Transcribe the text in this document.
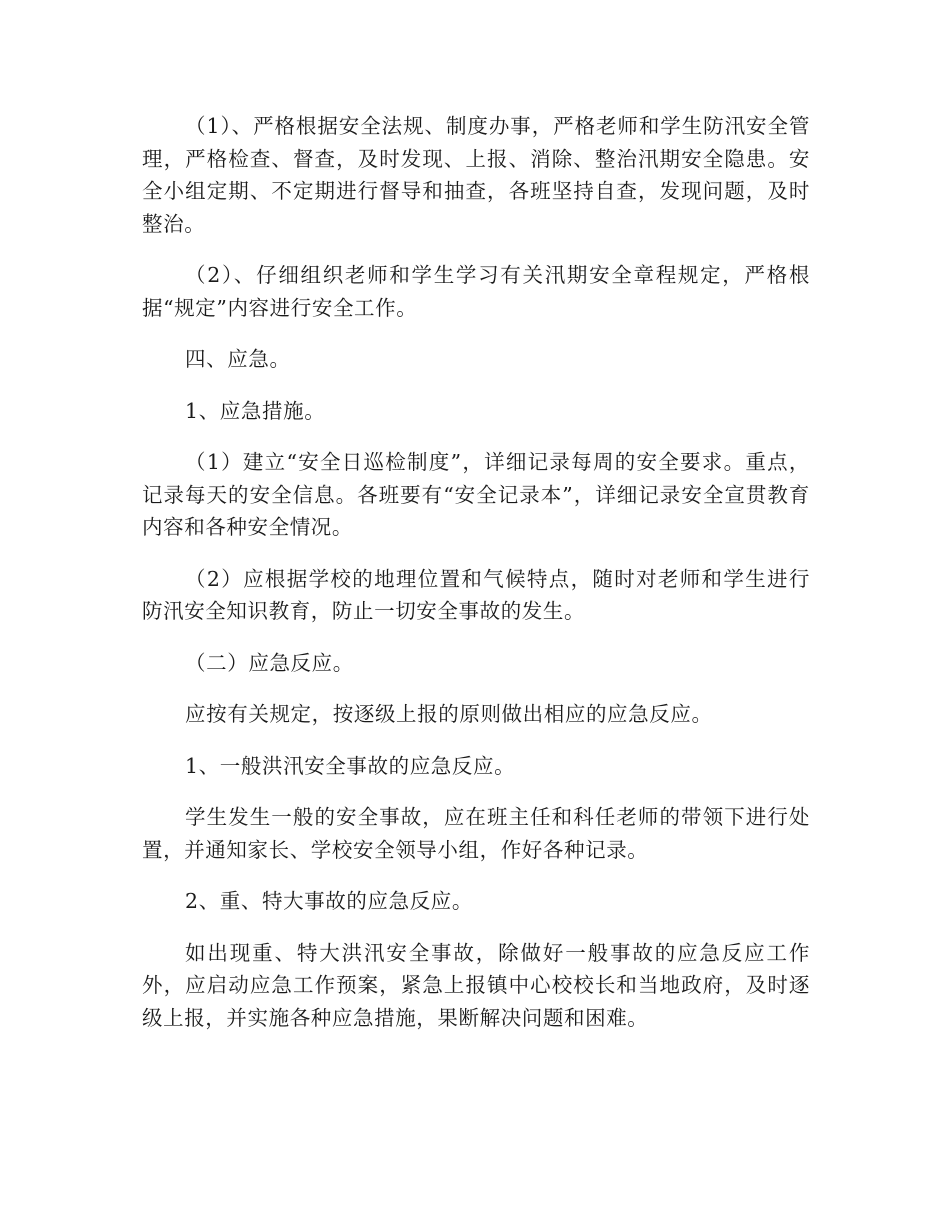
（1）、严格根据安全法规、制度办事，严格老师和学生防汛安全管理，严格检查、督查，及时发现、上报、消除、整治汛期安全隐患。安全小组定期、不定期进行督导和抽查，各班坚持自查，发现问题，及时整治。

（2）、仔细组织老师和学生学习有关汛期安全章程规定，严格根据“规定”内容进行安全工作。

四、应急。

1、应急措施。

（1）建立“安全日巡检制度”，详细记录每周的安全要求。重点，记录每天的安全信息。各班要有“安全记录本”，详细记录安全宣贯教育内容和各种安全情况。

（2）应根据学校的地理位置和气候特点，随时对老师和学生进行防汛安全知识教育，防止一切安全事故的发生。

（二）应急反应。

应按有关规定，按逐级上报的原则做出相应的应急反应。

1、一般洪汛安全事故的应急反应。

学生发生一般的安全事故，应在班主任和科任老师的带领下进行处置，并通知家长、学校安全领导小组，作好各种记录。

2、重、特大事故的应急反应。

如出现重、特大洪汛安全事故，除做好一般事故的应急反应工作外，应启动应急工作预案，紧急上报镇中心校校长和当地政府，及时逐级上报，并实施各种应急措施，果断解决问题和困难。
